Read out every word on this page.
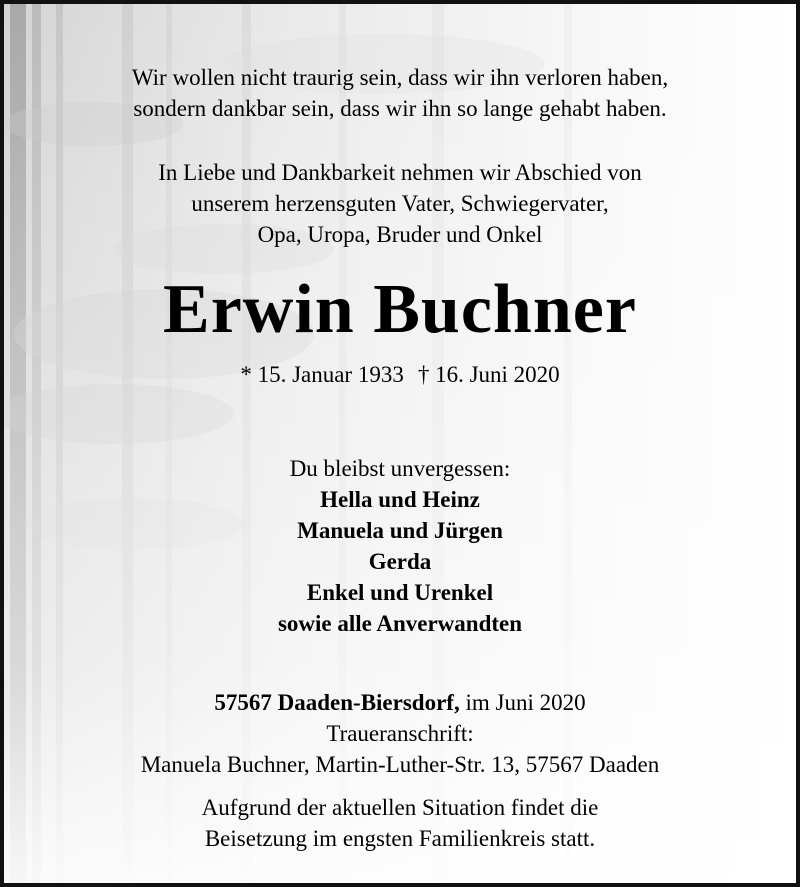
Wir wollen nicht traurig sein, dass wir ihn verloren haben,
sondern dankbar sein, dass wir ihn so lange gehabt haben.
In Liebe und Dankbarkeit nehmen wir Abschied von
unserem herzensguten Vater, Schwiegervater,
Opa, Uropa, Bruder und Onkel
Erwin Buchner
* 15. Januar 1933 † 16. Juni 2020
Du bleibst unvergessen:
Hella und Heinz
Manuela und Jürgen
Gerda
Enkel und Urenkel
sowie alle Anverwandten
57567 Daaden-Biersdorf, im Juni 2020
Traueranschrift:
Manuela Buchner, Martin-Luther-Str. 13, 57567 Daaden
Aufgrund der aktuellen Situation findet die
Beisetzung im engsten Familienkreis statt.
